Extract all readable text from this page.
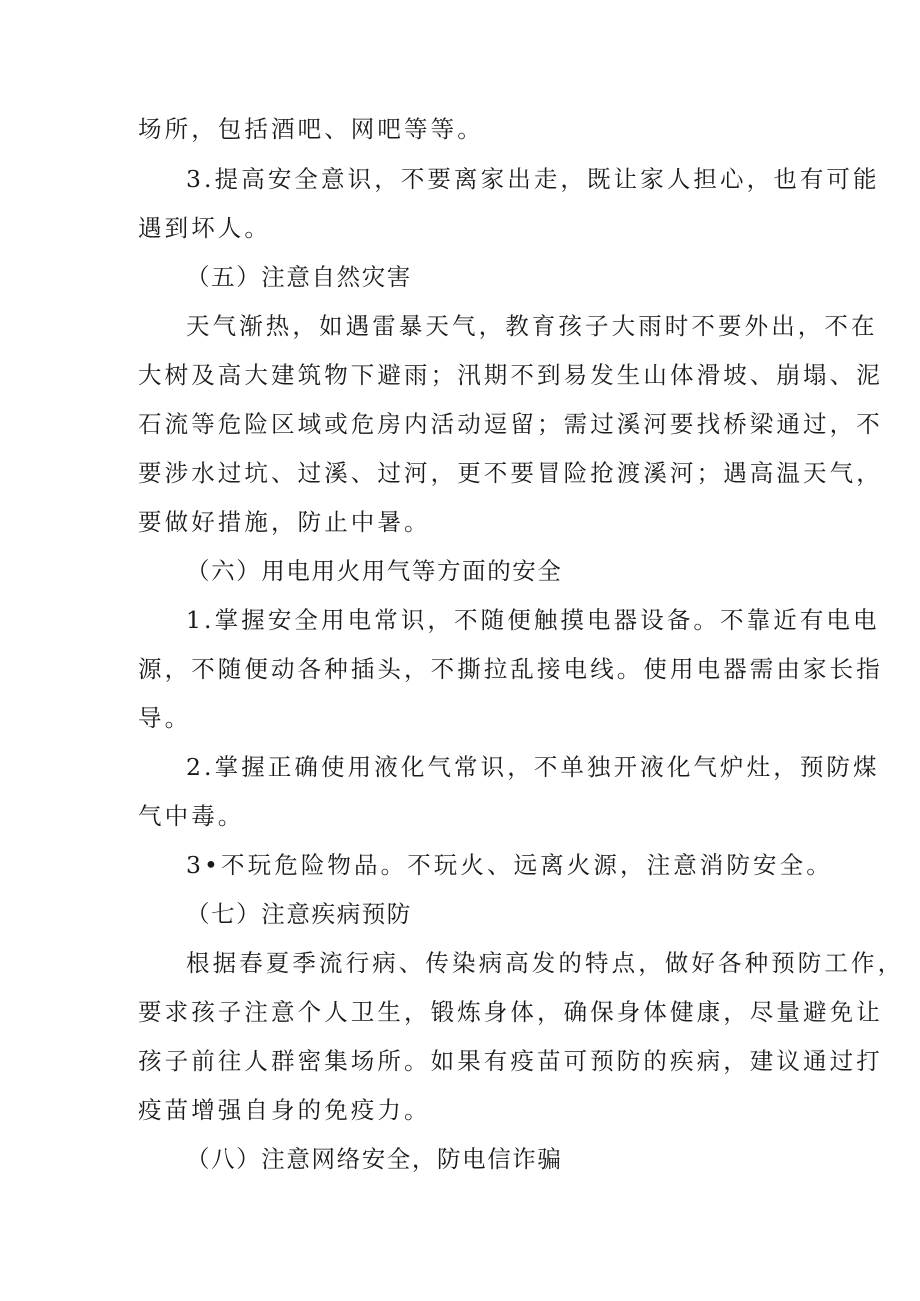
场所，包括酒吧、网吧等等。

3.提高安全意识，不要离家出走，既让家人担心，也有可能

遇到坏人。

（五）注意自然灾害

天气渐热，如遇雷暴天气，教育孩子大雨时不要外出，不在

大树及高大建筑物下避雨；汛期不到易发生山体滑坡、崩塌、泥

石流等危险区域或危房内活动逗留；需过溪河要找桥梁通过，不

要涉水过坑、过溪、过河，更不要冒险抢渡溪河；遇高温天气，

要做好措施，防止中暑。

（六）用电用火用气等方面的安全

1.掌握安全用电常识，不随便触摸电器设备。不靠近有电电

源，不随便动各种插头，不撕拉乱接电线。使用电器需由家长指

导。

2.掌握正确使用液化气常识，不单独开液化气炉灶，预防煤

气中毒。

3•不玩危险物品。不玩火、远离火源，注意消防安全。

（七）注意疾病预防

根据春夏季流行病、传染病高发的特点，做好各种预防工作，

要求孩子注意个人卫生，锻炼身体，确保身体健康，尽量避免让

孩子前往人群密集场所。如果有疫苗可预防的疾病，建议通过打

疫苗增强自身的免疫力。

（八）注意网络安全，防电信诈骗
